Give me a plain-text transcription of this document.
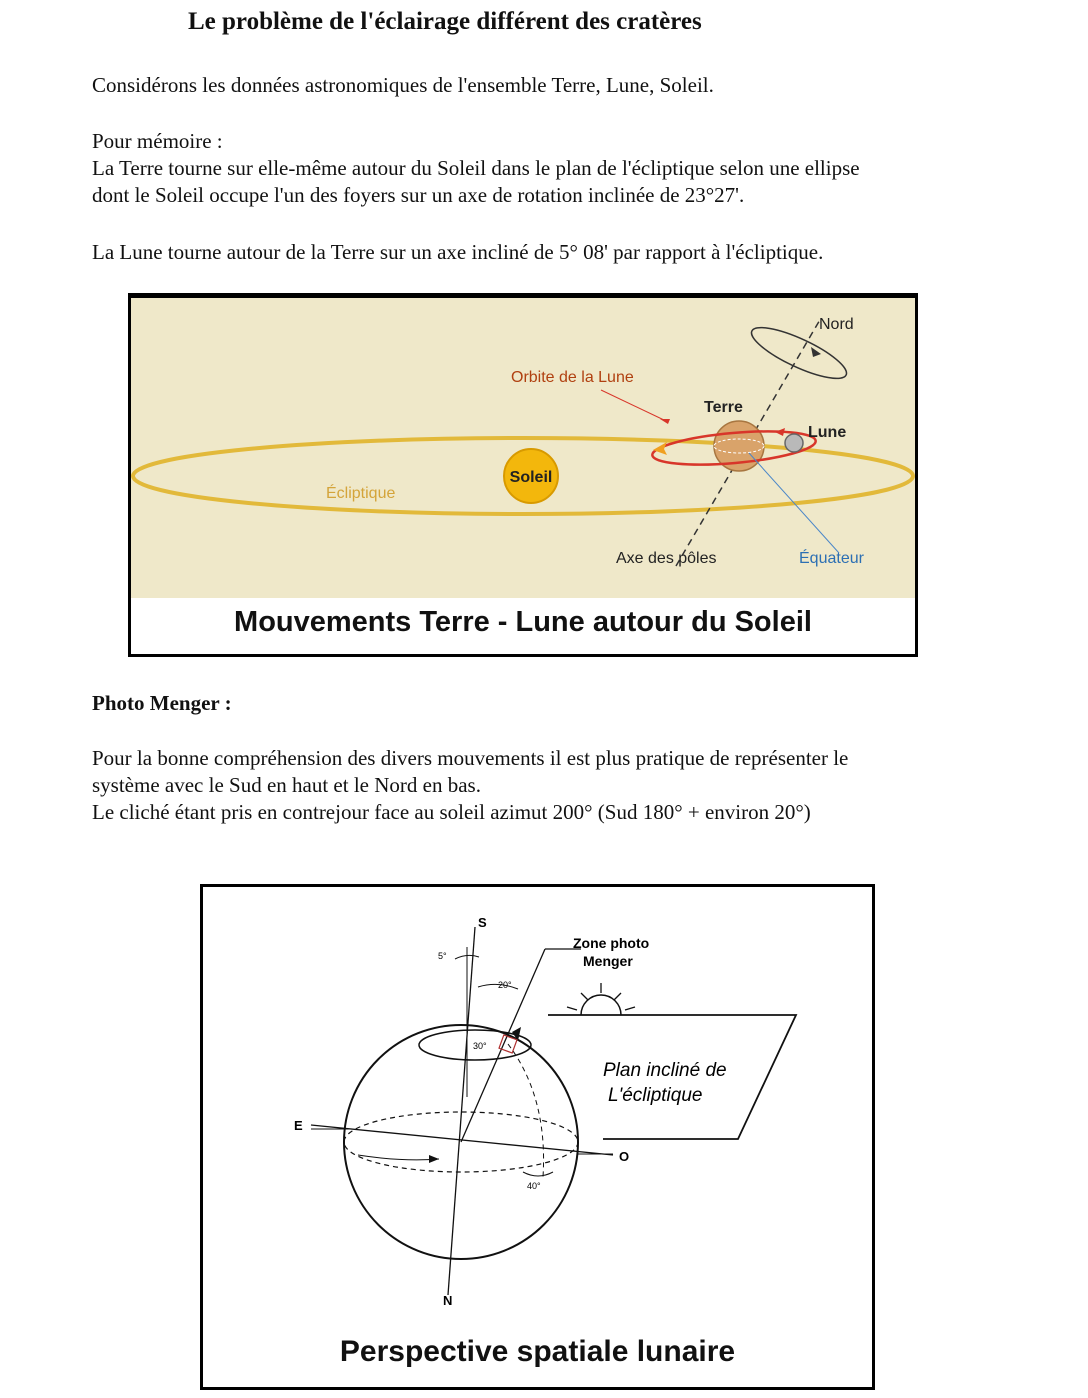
Le problème de l'éclairage différent des cratères

Considérons les données astronomiques de l'ensemble Terre, Lune, Soleil.

Pour mémoire :
La Terre tourne sur elle-même autour du Soleil dans le plan de l'écliptique selon une ellipse
dont le Soleil occupe l'un des foyers sur un axe de rotation inclinée de 23°27'.

La Lune tourne autour de la Terre sur un axe incliné de 5° 08' par rapport à l'écliptique.

Nord
Orbite de la Lune
Terre
Lune
Soleil
Écliptique
Axe des pôles	Équateur
Mouvements Terre - Lune autour du Soleil
Photo Menger :
Pour la bonne compréhension des divers mouvements il est plus pratique de représenter le
système avec le Sud en haut et le Nord en bas.
Le cliché étant pris en contrejour face au soleil azimut 200° (Sud 180° + environ 20°)
S
N
E
O
Zone photo
Menger
Plan incliné de
L'écliptique
5°
20°
30°
40°
Perspective spatiale lunaire
